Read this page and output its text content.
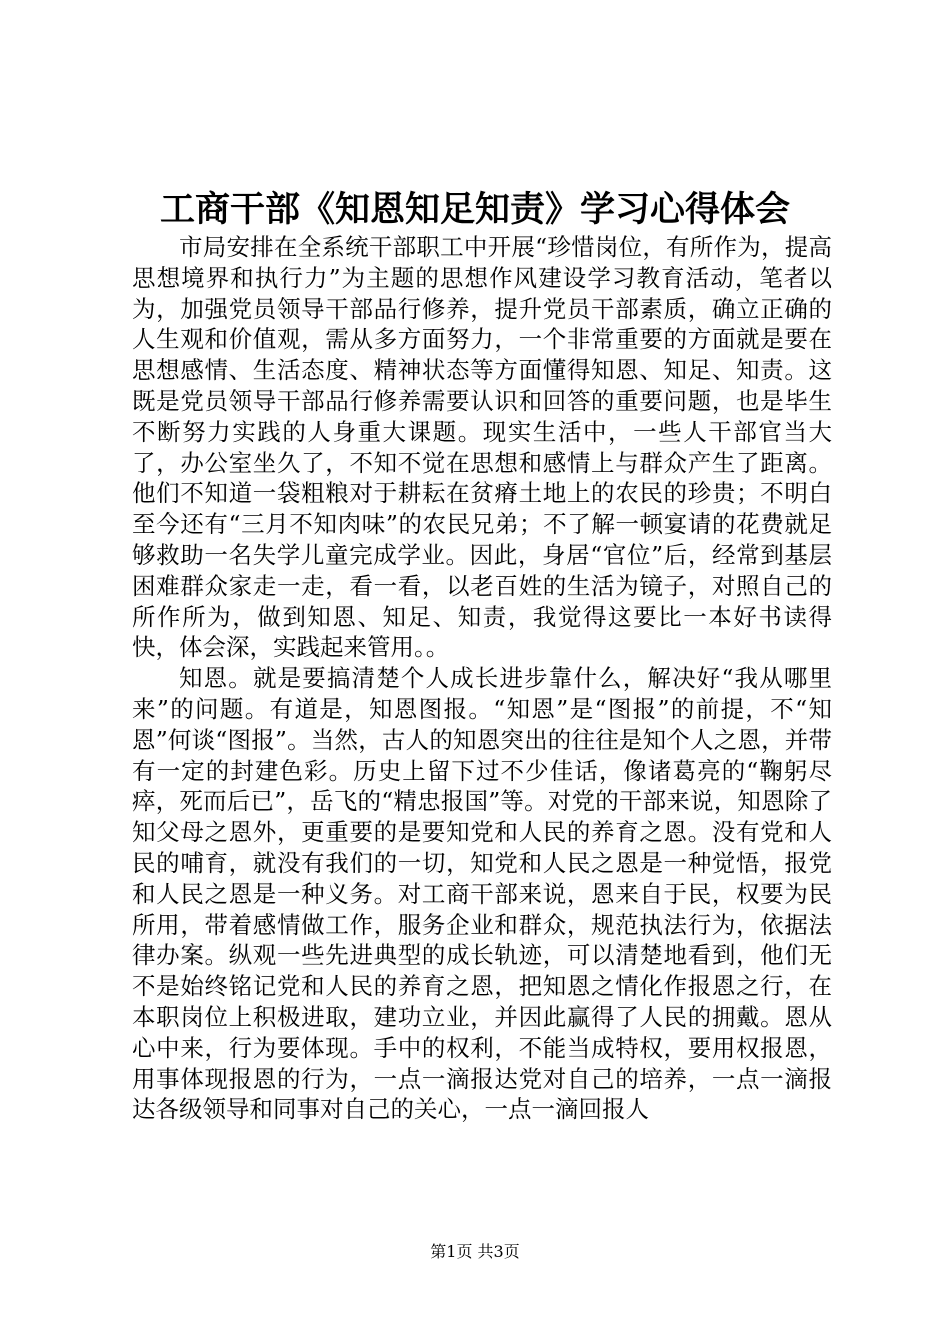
工商干部《知恩知足知责》学习心得体会

市局安排在全系统干部职工中开展“珍惜岗位，有所作为，提高思想境界和执行力”为主题的思想作风建设学习教育活动，笔者以为，加强党员领导干部品行修养，提升党员干部素质，确立正确的人生观和价值观，需从多方面努力，一个非常重要的方面就是要在思想感情、生活态度、精神状态等方面懂得知恩、知足、知责。这既是党员领导干部品行修养需要认识和回答的重要问题，也是毕生不断努力实践的人身重大课题。现实生活中，一些人干部官当大了，办公室坐久了，不知不觉在思想和感情上与群众产生了距离。他们不知道一袋粗粮对于耕耘在贫瘠土地上的农民的珍贵；不明白至今还有“三月不知肉味”的农民兄弟；不了解一顿宴请的花费就足够救助一名失学儿童完成学业。因此，身居“官位”后，经常到基层困难群众家走一走，看一看，以老百姓的生活为镜子，对照自己的所作所为，做到知恩、知足、知责，我觉得这要比一本好书读得快，体会深，实践起来管用。。

知恩。就是要搞清楚个人成长进步靠什么，解决好“我从哪里来”的问题。有道是，知恩图报。“知恩”是“图报”的前提，不“知恩”何谈“图报”。当然，古人的知恩突出的往往是知个人之恩，并带有一定的封建色彩。历史上留下过不少佳话，像诸葛亮的“鞠躬尽瘁，死而后已”，岳飞的“精忠报国”等。对党的干部来说，知恩除了知父母之恩外，更重要的是要知党和人民的养育之恩。没有党和人民的哺育，就没有我们的一切，知党和人民之恩是一种觉悟，报党和人民之恩是一种义务。对工商干部来说，恩来自于民，权要为民所用，带着感情做工作，服务企业和群众，规范执法行为，依据法律办案。纵观一些先进典型的成长轨迹，可以清楚地看到，他们无不是始终铭记党和人民的养育之恩，把知恩之情化作报恩之行，在本职岗位上积极进取，建功立业，并因此赢得了人民的拥戴。恩从心中来，行为要体现。手中的权利，不能当成特权，要用权报恩，用事体现报恩的行为，一点一滴报达党对自己的培养，一点一滴报达各级领导和同事对自己的关心，一点一滴回报人

第1页 共3页
